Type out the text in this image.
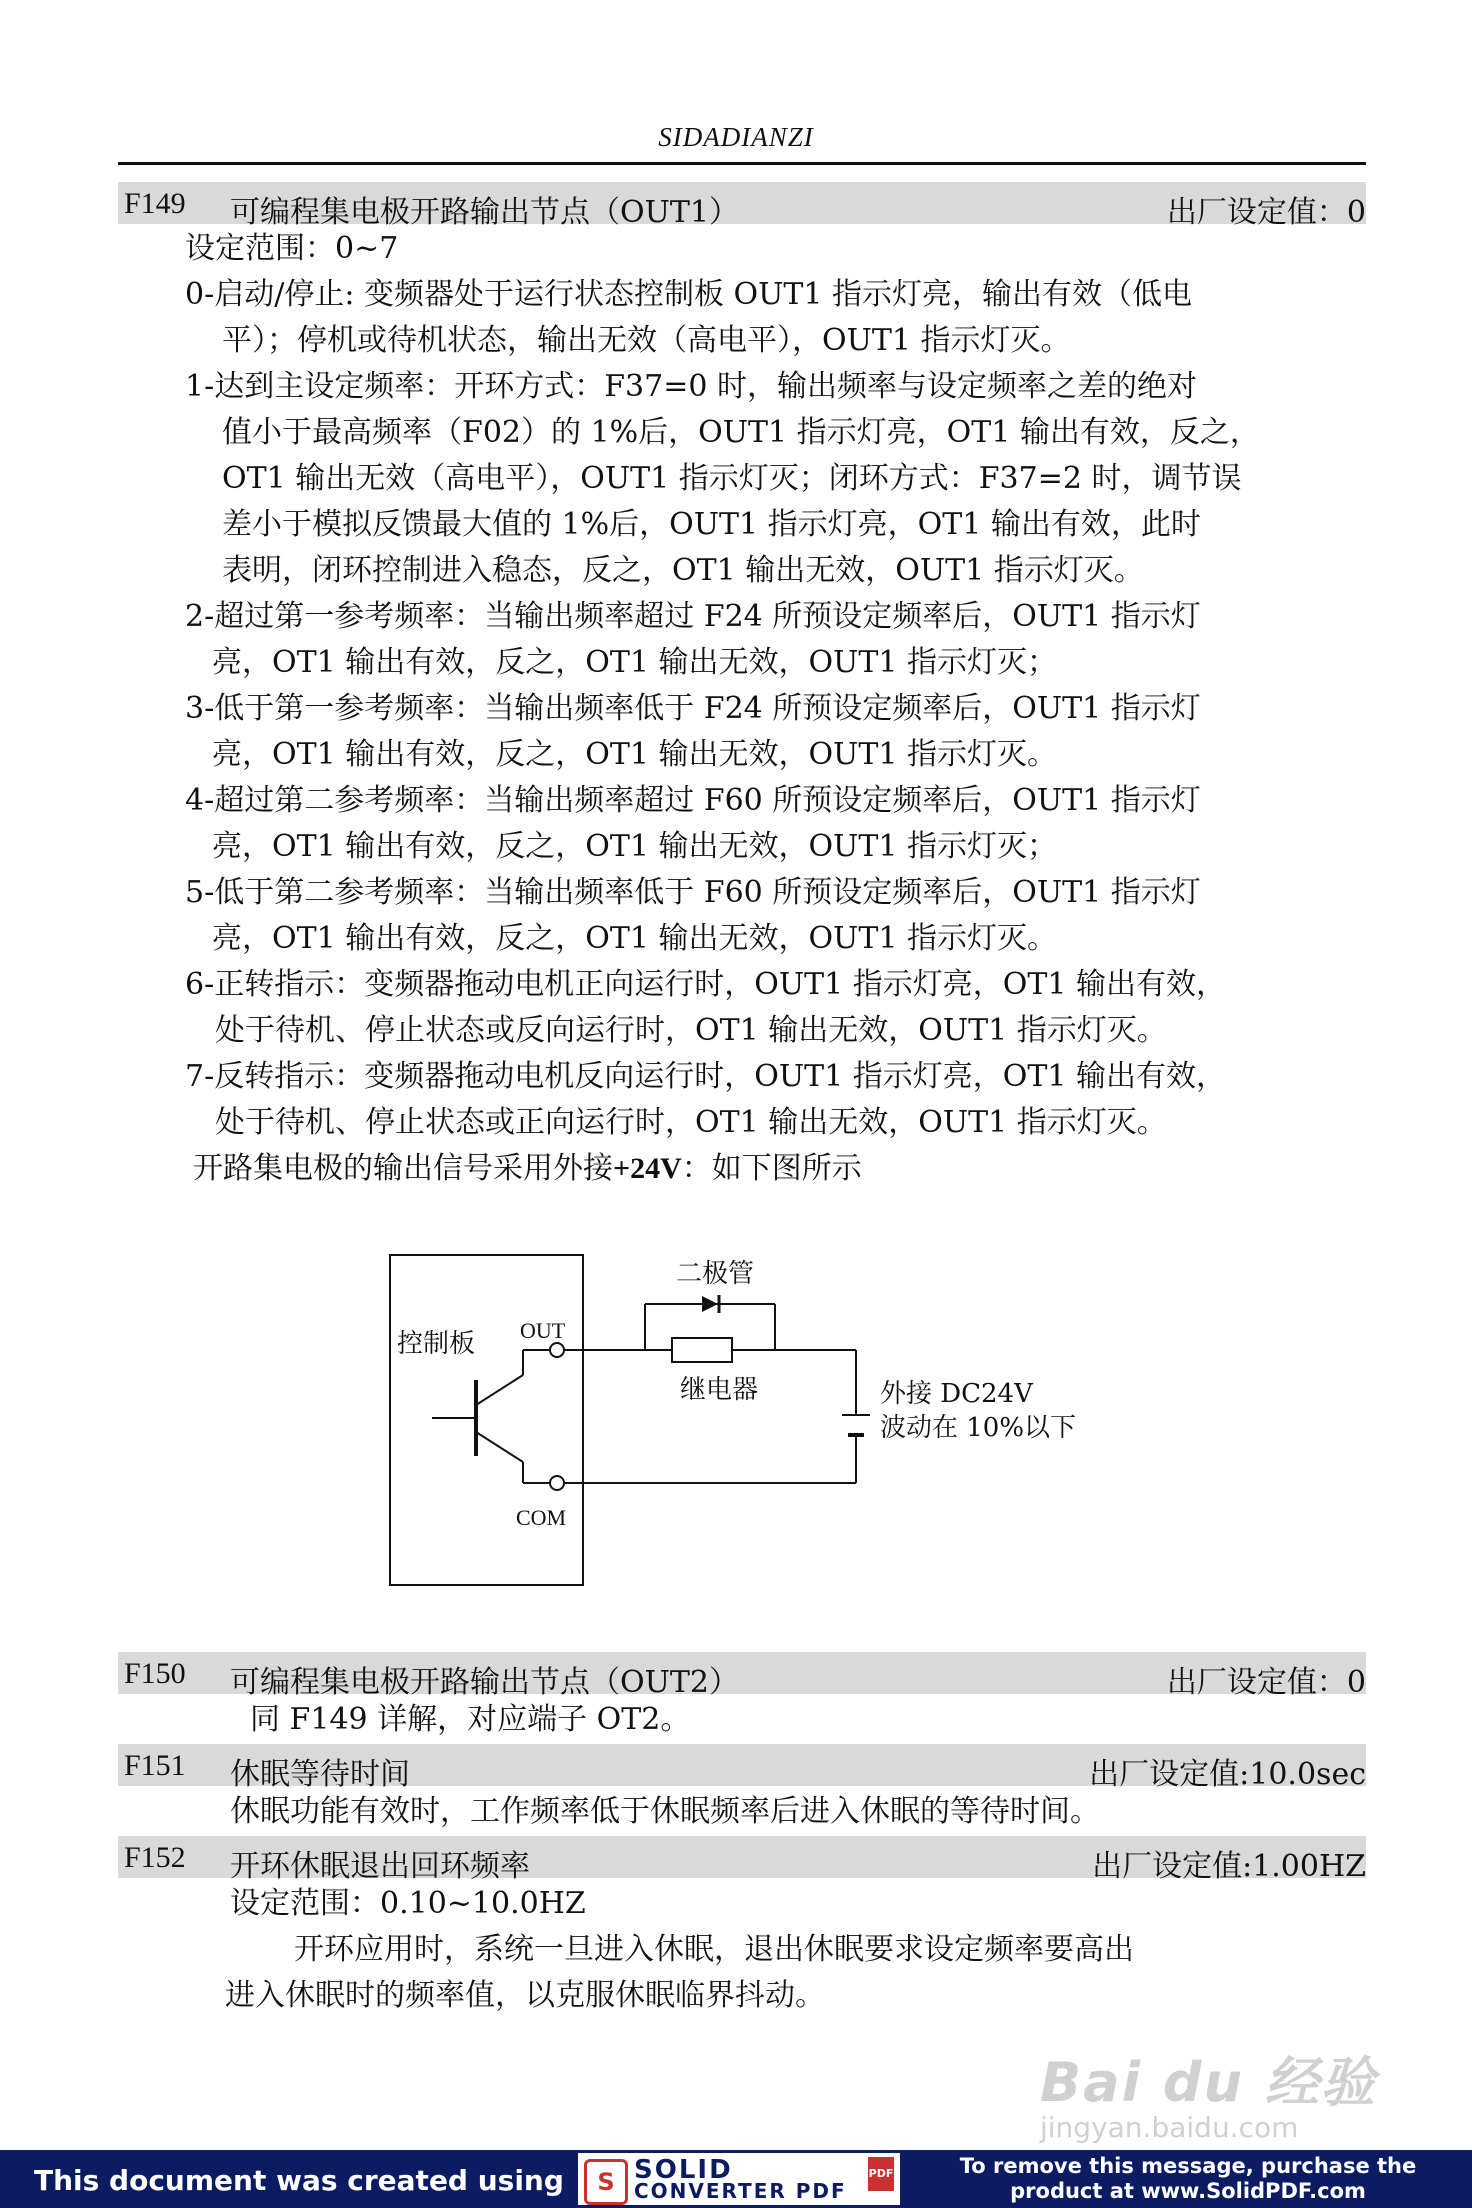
SIDADIANZI
F149 可编程集电极开路输出节点（OUT1）	出厂设定值：0
设定范围：0~7
0-启动/停止: 变频器处于运行状态控制板 OUT1 指示灯亮，输出有效（低电
平）；停机或待机状态，输出无效（高电平），OUT1 指示灯灭。
1-达到主设定频率：开环方式：F37=0 时，输出频率与设定频率之差的绝对
值小于最高频率（F02）的 1%后，OUT1 指示灯亮，OT1 输出有效，反之，
OT1 输出无效（高电平），OUT1 指示灯灭；闭环方式：F37=2 时，调节误
差小于模拟反馈最大值的 1%后，OUT1 指示灯亮，OT1 输出有效，此时
表明，闭环控制进入稳态，反之，OT1 输出无效，OUT1 指示灯灭。
2-超过第一参考频率：当输出频率超过 F24 所预设定频率后，OUT1 指示灯
亮，OT1 输出有效，反之，OT1 输出无效，OUT1 指示灯灭；
3-低于第一参考频率：当输出频率低于 F24 所预设定频率后，OUT1 指示灯
亮，OT1 输出有效，反之，OT1 输出无效，OUT1 指示灯灭。
4-超过第二参考频率：当输出频率超过 F60 所预设定频率后，OUT1 指示灯
亮，OT1 输出有效，反之，OT1 输出无效，OUT1 指示灯灭；
5-低于第二参考频率：当输出频率低于 F60 所预设定频率后，OUT1 指示灯
亮，OT1 输出有效，反之，OT1 输出无效，OUT1 指示灯灭。
6-正转指示：变频器拖动电机正向运行时，OUT1 指示灯亮，OT1 输出有效，
处于待机、停止状态或反向运行时，OT1 输出无效，OUT1 指示灯灭。
7-反转指示：变频器拖动电机反向运行时，OUT1 指示灯亮，OT1 输出有效，
处于待机、停止状态或正向运行时，OT1 输出无效，OUT1 指示灯灭。
开路集电极的输出信号采用外接+24V：如下图所示
控制板 OUT
COM
二极管
继电器	外接 DC24V
波动在 10%以下
F150 可编程集电极开路输出节点（OUT2）	出厂设定值：0
同 F149 详解，对应端子 OT2。
F151 休眠等待时间	出厂设定值:10.0sec
休眠功能有效时，工作频率低于休眠频率后进入休眠的等待时间。
F152 开环休眠退出回环频率	出厂设定值:1.00HZ
设定范围：0.10~10.0HZ
开环应用时，系统一旦进入休眠，退出休眠要求设定频率要高出
进入休眠时的频率值，以克服休眠临界抖动。
Bai du 经验
jingyan.baidu.com
This document was created using	S SOLID
CONVERTER PDF
PDF	To remove this message, purchase the
product at www.SolidPDF.com
